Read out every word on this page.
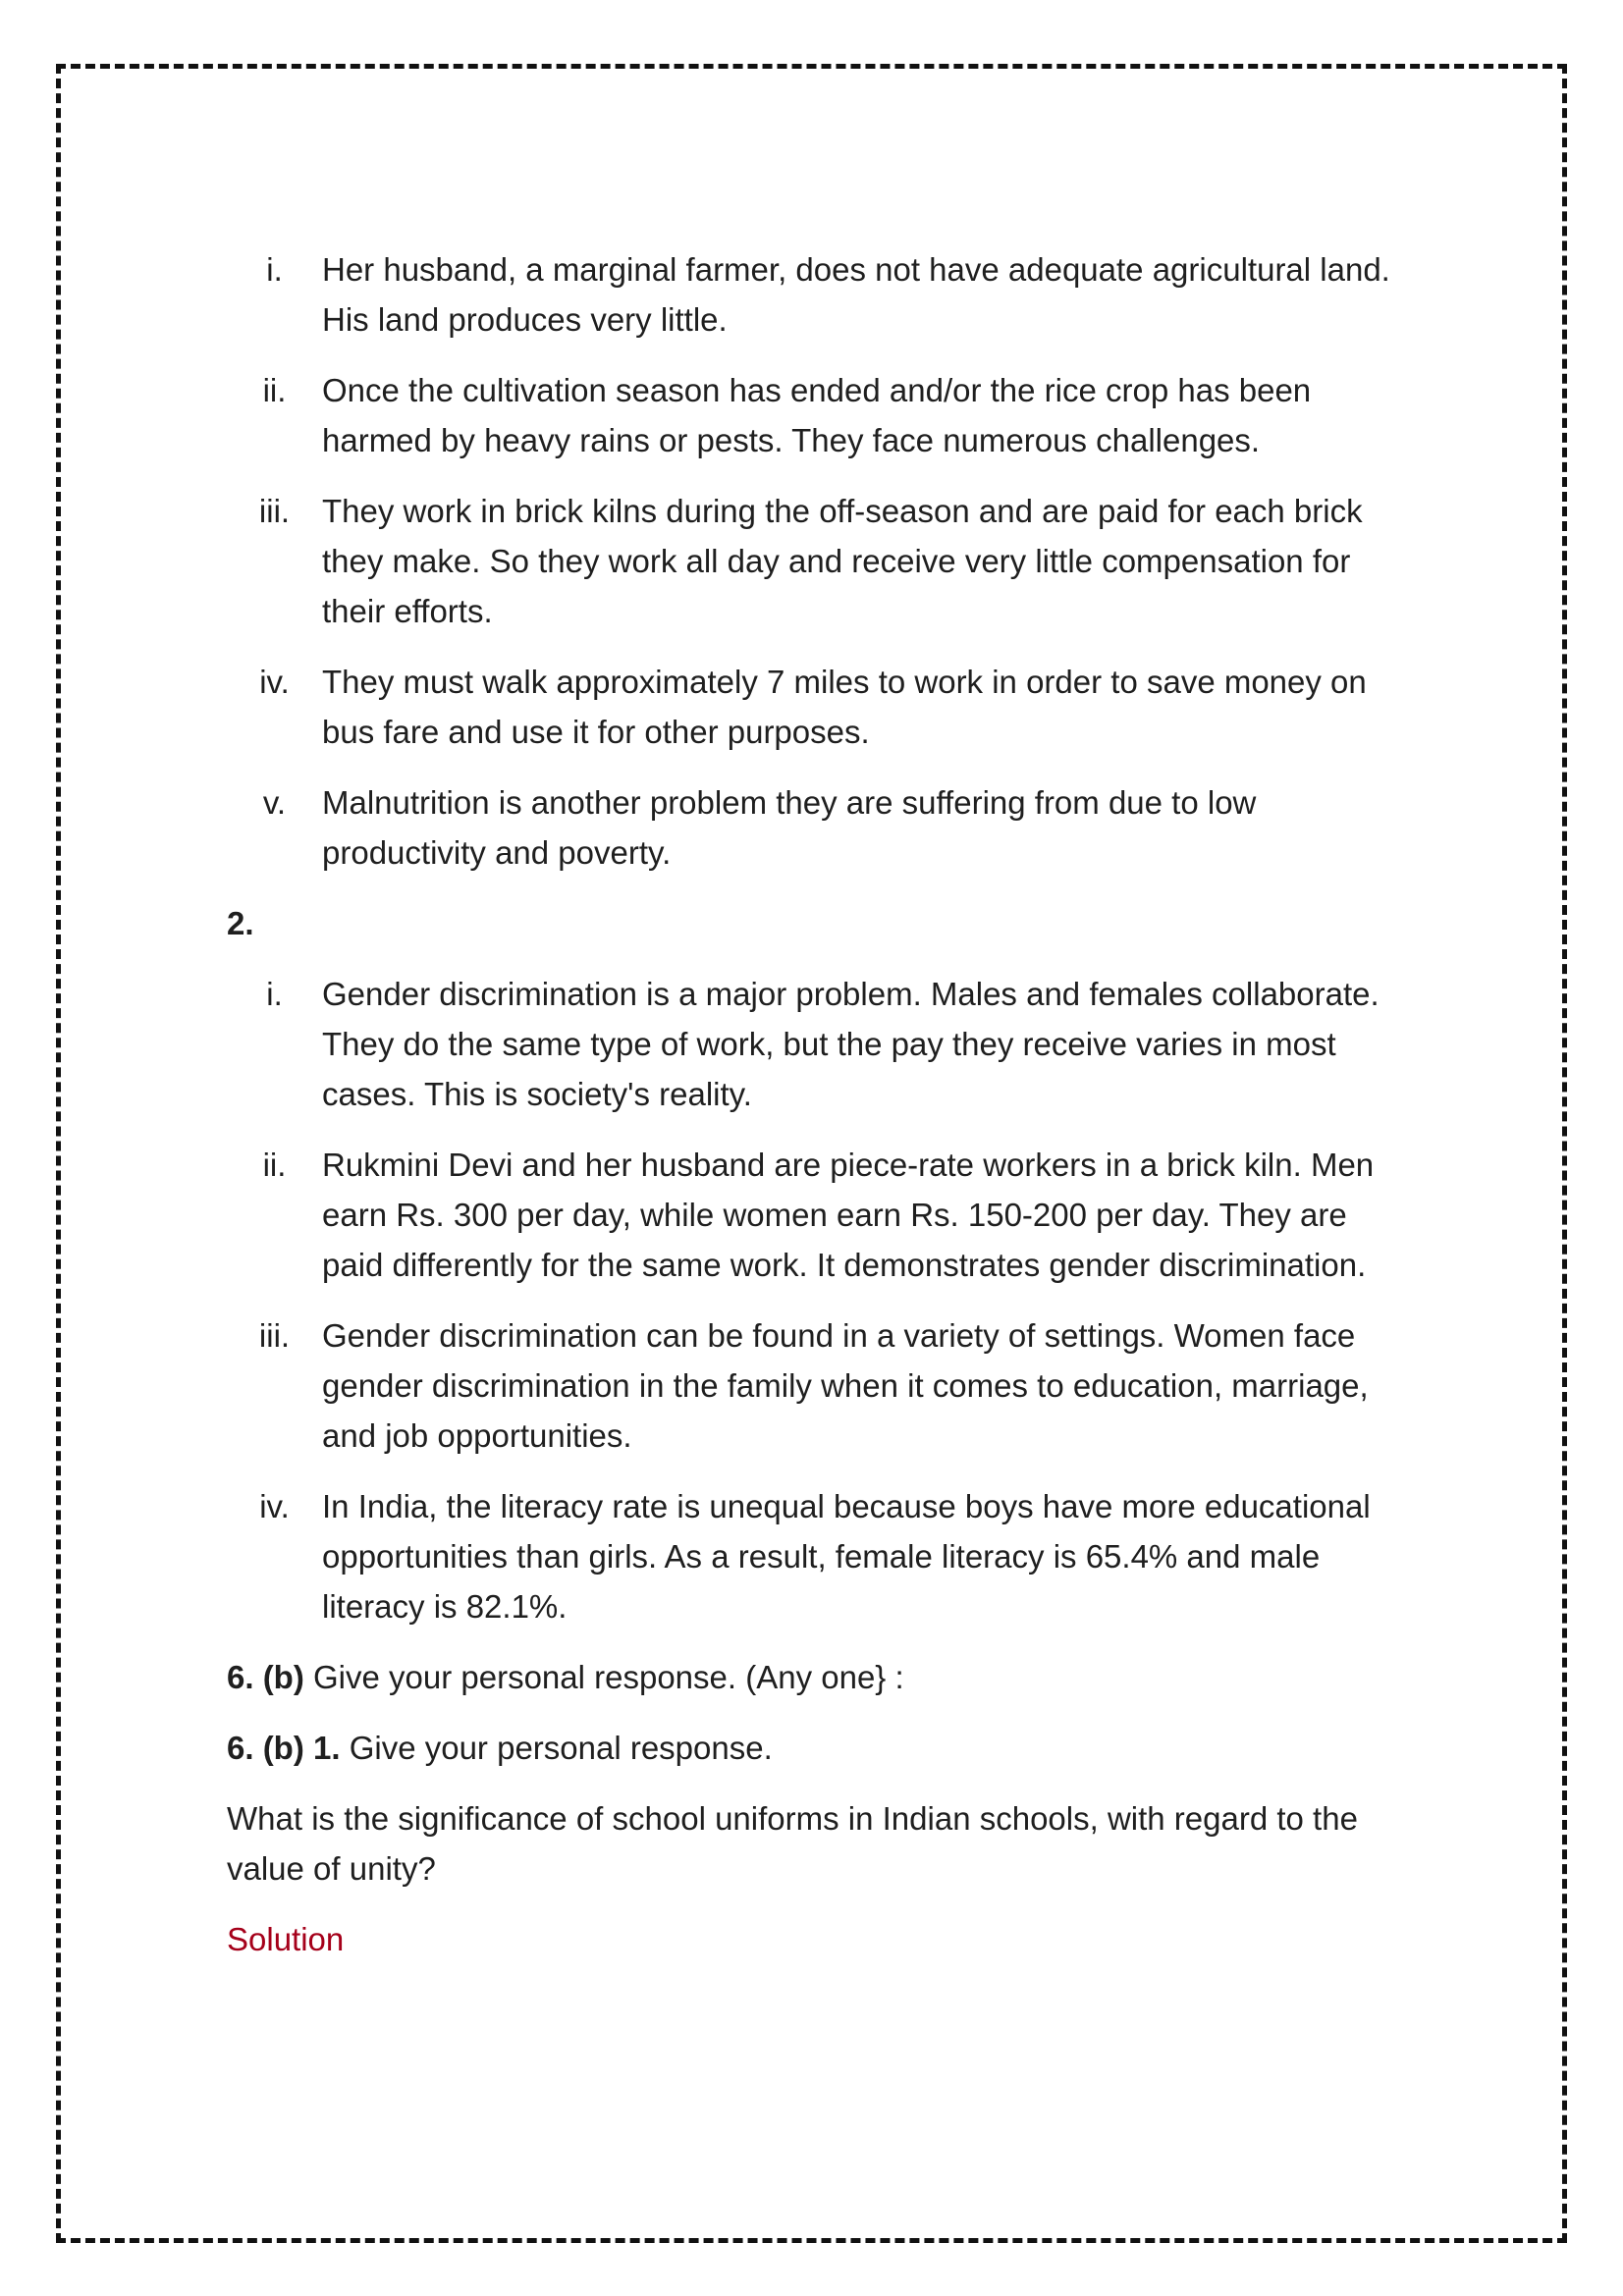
i.	Her husband, a marginal farmer, does not have adequate agricultural land. His land produces very little.
ii.	Once the cultivation season has ended and/or the rice crop has been harmed by heavy rains or pests. They face numerous challenges.
iii. They work in brick kilns during the off-season and are paid for each brick they make. So they work all day and receive very little compensation for their efforts.
iv.	They must walk approximately 7 miles to work in order to save money on bus fare and use it for other purposes.
v.	Malnutrition is another problem they are suffering from due to low productivity and poverty.

2.

i.	Gender discrimination is a major problem. Males and females collaborate. They do the same type of work, but the pay they receive varies in most cases. This is society's reality.
ii.	Rukmini Devi and her husband are piece-rate workers in a brick kiln. Men earn Rs. 300 per day, while women earn Rs. 150-200 per day. They are paid differently for the same work. It demonstrates gender discrimination.
iii. Gender discrimination can be found in a variety of settings. Women face gender discrimination in the family when it comes to education, marriage, and job opportunities.
iv.	In India, the literacy rate is unequal because boys have more educational opportunities than girls. As a result, female literacy is 65.4% and male literacy is 82.1%.

6. (b) Give your personal response. (Any one} :

6. (b) 1. Give your personal response.

What is the significance of school uniforms in Indian schools, with regard to the value of unity?

Solution
